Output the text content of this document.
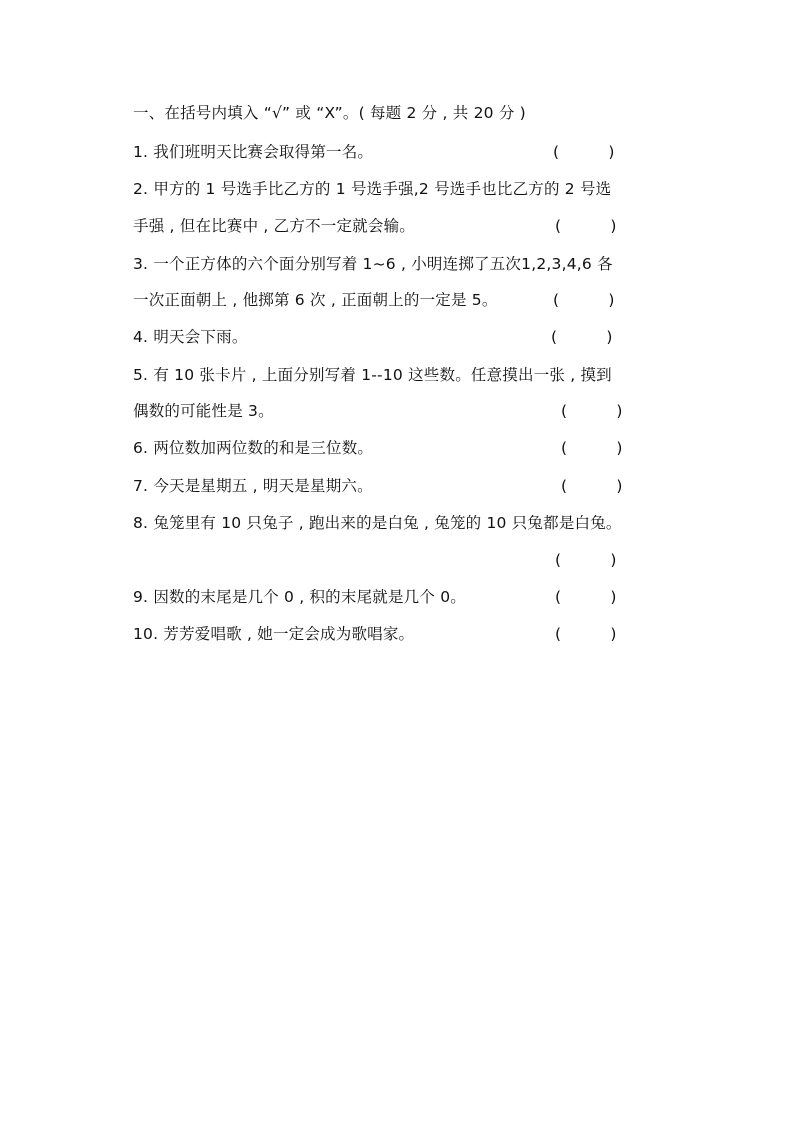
一、在括号内填入 “√” 或 “X”。( 每题 2 分 , 共 20 分 )
1. 我们班明天比赛会取得第一名。	(          )
2. 甲方的 1 号选手比乙方的 1 号选手强,2 号选手也比乙方的 2 号选
手强 , 但在比赛中 , 乙方不一定就会输。	(          )
3. 一个正方体的六个面分别写着 1~6 , 小明连掷了五次1,2,3,4,6 各
一次正面朝上 , 他掷第 6 次 , 正面朝上的一定是 5。	(          )
4. 明天会下雨。	(          )
5. 有 10 张卡片 , 上面分别写着 1--10 这些数。任意摸出一张 , 摸到
偶数的可能性是 3。	(          )
6. 两位数加两位数的和是三位数。	(          )
7. 今天是星期五 , 明天是星期六。	(          )
8. 兔笼里有 10 只兔子 , 跑出来的是白兔 , 兔笼的 10 只兔都是白兔。
(          )
9. 因数的末尾是几个 0 , 积的末尾就是几个 0。	(          )
10. 芳芳爱唱歌 , 她一定会成为歌唱家。	(          )
